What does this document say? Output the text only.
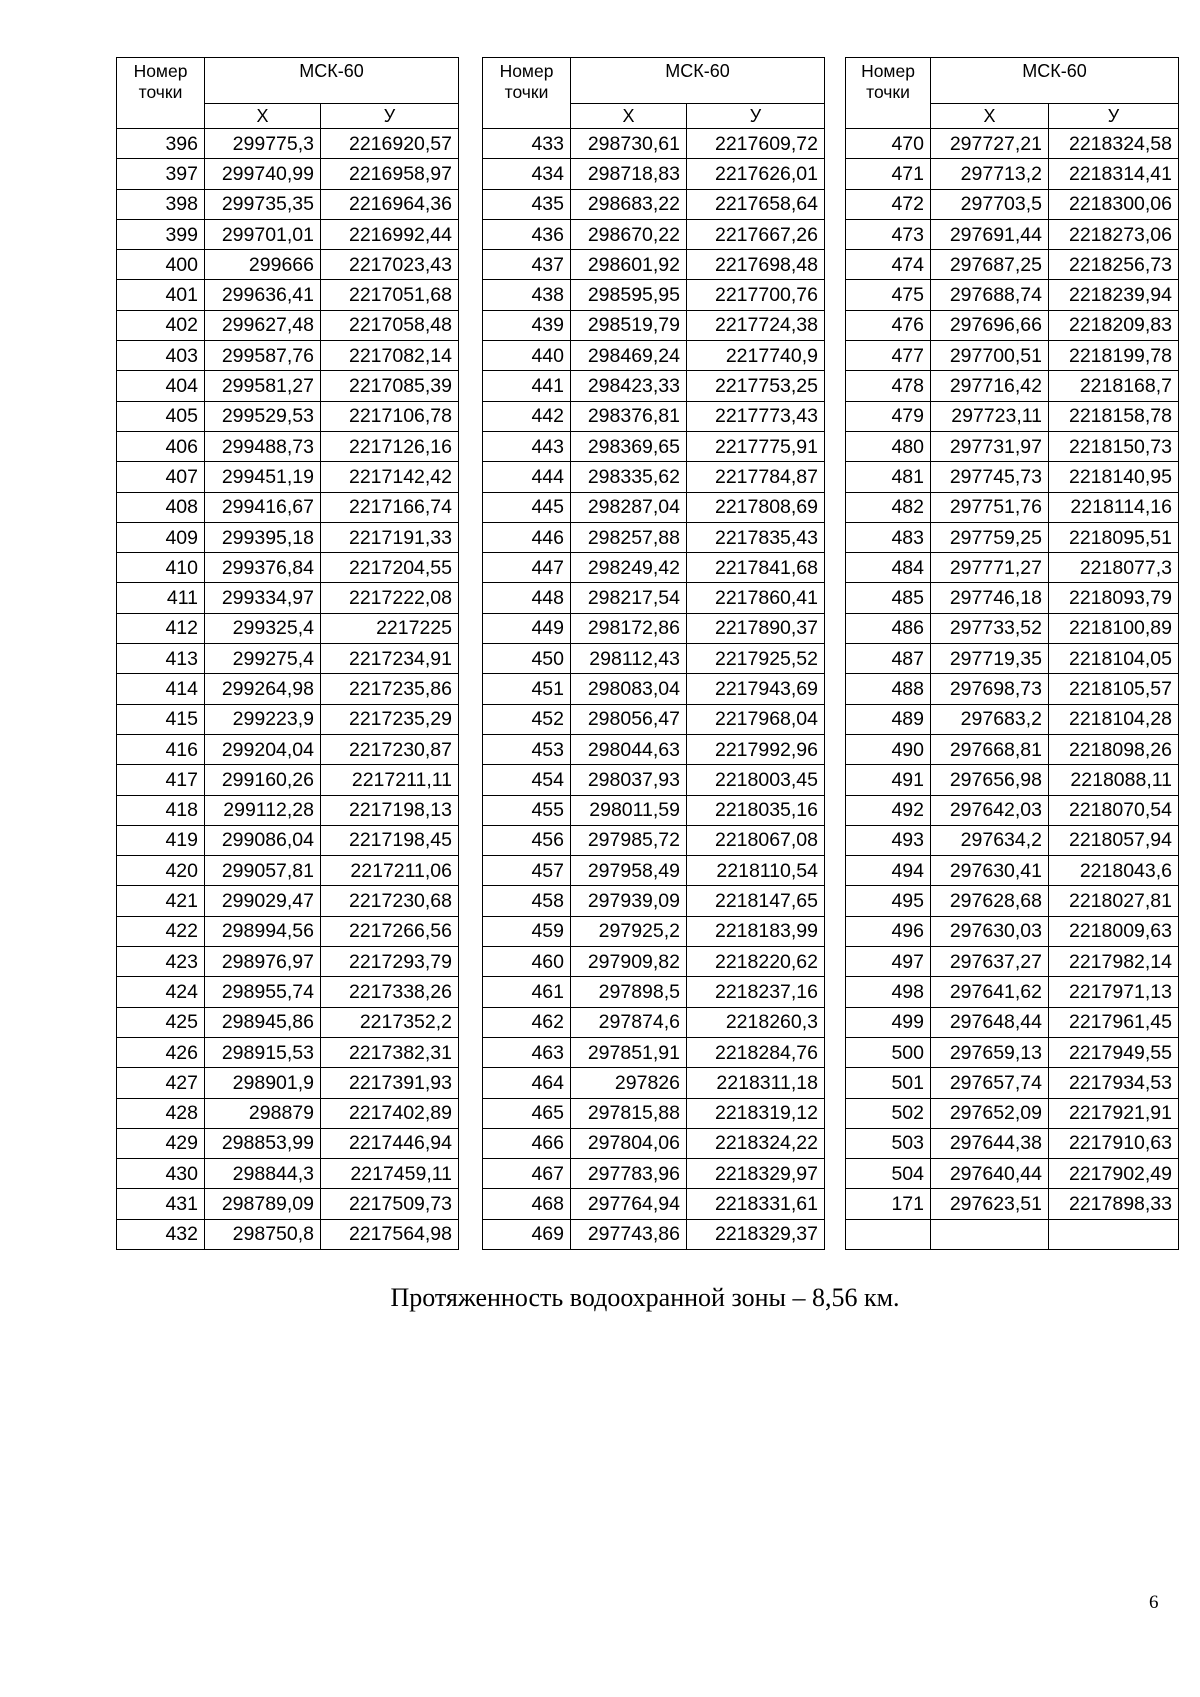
Номер точки	МСК-60	
	Х	У
396	299775,3	2216920,57
397	299740,99	2216958,97
398	299735,35	2216964,36
399	299701,01	2216992,44
400	299666	2217023,43
401	299636,41	2217051,68
402	299627,48	2217058,48
403	299587,76	2217082,14
404	299581,27	2217085,39
405	299529,53	2217106,78
406	299488,73	2217126,16
407	299451,19	2217142,42
408	299416,67	2217166,74
409	299395,18	2217191,33
410	299376,84	2217204,55
411	299334,97	2217222,08
412	299325,4	2217225
413	299275,4	2217234,91
414	299264,98	2217235,86
415	299223,9	2217235,29
416	299204,04	2217230,87
417	299160,26	2217211,11
418	299112,28	2217198,13
419	299086,04	2217198,45
420	299057,81	2217211,06
421	299029,47	2217230,68
422	298994,56	2217266,56
423	298976,97	2217293,79
424	298955,74	2217338,26
425	298945,86	2217352,2
426	298915,53	2217382,31
427	298901,9	2217391,93
428	298879	2217402,89
429	298853,99	2217446,94
430	298844,3	2217459,11
431	298789,09	2217509,73
432	298750,8	2217564,98
Номер точки	МСК-60	
	Х	У
433	298730,61	2217609,72
434	298718,83	2217626,01
435	298683,22	2217658,64
436	298670,22	2217667,26
437	298601,92	2217698,48
438	298595,95	2217700,76
439	298519,79	2217724,38
440	298469,24	2217740,9
441	298423,33	2217753,25
442	298376,81	2217773,43
443	298369,65	2217775,91
444	298335,62	2217784,87
445	298287,04	2217808,69
446	298257,88	2217835,43
447	298249,42	2217841,68
448	298217,54	2217860,41
449	298172,86	2217890,37
450	298112,43	2217925,52
451	298083,04	2217943,69
452	298056,47	2217968,04
453	298044,63	2217992,96
454	298037,93	2218003,45
455	298011,59	2218035,16
456	297985,72	2218067,08
457	297958,49	2218110,54
458	297939,09	2218147,65
459	297925,2	2218183,99
460	297909,82	2218220,62
461	297898,5	2218237,16
462	297874,6	2218260,3
463	297851,91	2218284,76
464	297826	2218311,18
465	297815,88	2218319,12
466	297804,06	2218324,22
467	297783,96	2218329,97
468	297764,94	2218331,61
469	297743,86	2218329,37
Номер точки	МСК-60	
	Х	У
470	297727,21	2218324,58
471	297713,2	2218314,41
472	297703,5	2218300,06
473	297691,44	2218273,06
474	297687,25	2218256,73
475	297688,74	2218239,94
476	297696,66	2218209,83
477	297700,51	2218199,78
478	297716,42	2218168,7
479	297723,11	2218158,78
480	297731,97	2218150,73
481	297745,73	2218140,95
482	297751,76	2218114,16
483	297759,25	2218095,51
484	297771,27	2218077,3
485	297746,18	2218093,79
486	297733,52	2218100,89
487	297719,35	2218104,05
488	297698,73	2218105,57
489	297683,2	2218104,28
490	297668,81	2218098,26
491	297656,98	2218088,11
492	297642,03	2218070,54
493	297634,2	2218057,94
494	297630,41	2218043,6
495	297628,68	2218027,81
496	297630,03	2218009,63
497	297637,27	2217982,14
498	297641,62	2217971,13
499	297648,44	2217961,45
500	297659,13	2217949,55
501	297657,74	2217934,53
502	297652,09	2217921,91
503	297644,38	2217910,63
504	297640,44	2217902,49
171	297623,51	2217898,33

Протяженность водоохранной зоны – 8,56 км.
6
